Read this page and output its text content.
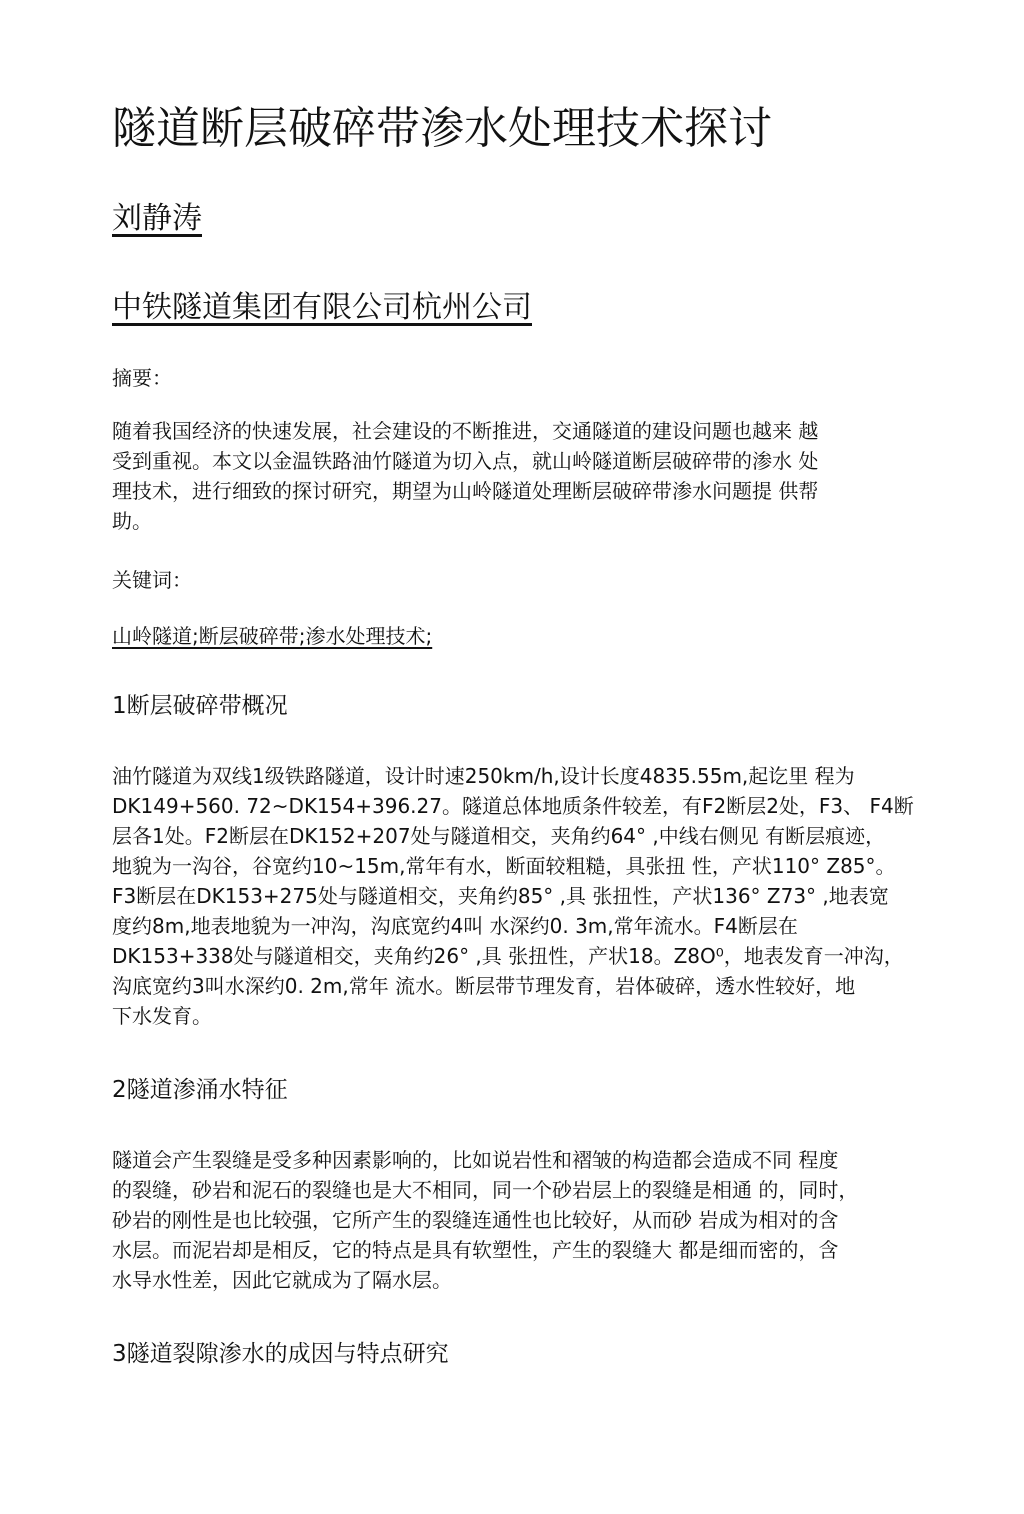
隧道断层破碎带渗水处理技术探讨

刘静涛

中铁隧道集团有限公司杭州公司

摘要：

随着我国经济的快速发展，社会建设的不断推进，交通隧道的建设问题也越来 越
受到重视。本文以金温铁路油竹隧道为切入点，就山岭隧道断层破碎带的渗水 处
理技术，进行细致的探讨研究，期望为山岭隧道处理断层破碎带渗水问题提 供帮
助。

关键词：

山岭隧道;断层破碎带;渗水处理技术;

1断层破碎带概况
油竹隧道为双线1级铁路隧道，设计时速250km/h,设计长度4835.55m,起讫里 程为
DK149+560. 72~DK154+396.27。隧道总体地质条件较差，有F2断层2处，F3、 F4断
层各1处。F2断层在DK152+207处与隧道相交，夹角约64° ,中线右侧见 有断层痕迹，
地貌为一沟谷，谷宽约10~15m,常年有水，断面较粗糙，具张扭 性，产状110° Z85°。
F3断层在DK153+275处与隧道相交，夹角约85° ,具 张扭性，产状136° Z73° ,地表宽
度约8m,地表地貌为一冲沟，沟底宽约4叫 水深约0. 3m,常年流水。F4断层在
DK153+338处与隧道相交，夹角约26° ,具 张扭性，产状18。Z8O⁰，地表发育一冲沟，
沟底宽约3叫水深约0. 2m,常年 流水。断层带节理发育，岩体破碎，透水性较好，地
下水发育。
2隧道渗涌水特征
隧道会产生裂缝是受多种因素影响的，比如说岩性和褶皱的构造都会造成不同 程度
的裂缝，砂岩和泥石的裂缝也是大不相同，同一个砂岩层上的裂缝是相通 的，同时，
砂岩的刚性是也比较强，它所产生的裂缝连通性也比较好，从而砂 岩成为相对的含
水层。而泥岩却是相反，它的特点是具有软塑性，产生的裂缝大 都是细而密的，含
水导水性差，因此它就成为了隔水层。
3隧道裂隙渗水的成因与特点研究
